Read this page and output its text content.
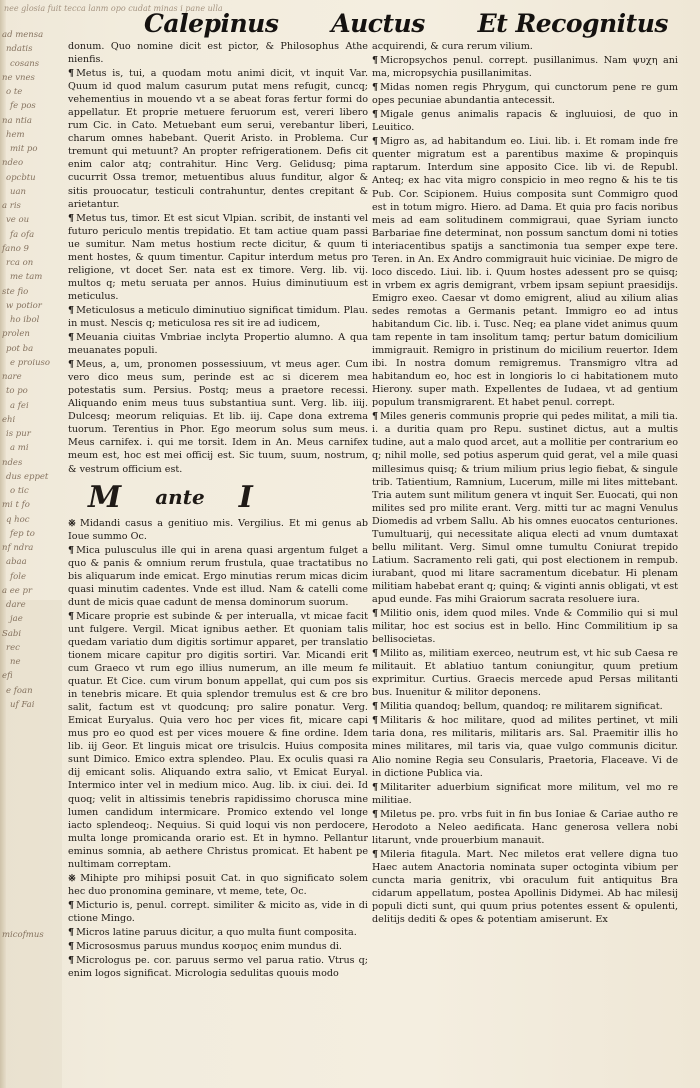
nee glosia fuit tecca lanm opo cudat minas i pane ulla
ad mensa
ndatis
cosans
ne vnes
o te
fe pos
na ntia
hem
mit po
ndeo
opcbtu
uan
a ris
ve ou
fa ofa
fano 9
rca on
me tam
ste fio
w potior
ho ibol
prolen
pot ba
e proiuso
nare
to po
a fei
ehi
is pur
a mi
ndes
dus eppet
o tic
mi t fo
q hoc
fep to
nf ndra
abaa
fole
a ee pr
dare
jae
Sabi
rec
ne
efi
e foan
uf Fai
micofmus
Calepinus Auctus Et Recognitus

donum. Quo nomine dicit est pictor, & Philosophus Athe nienfis.

¶ Metus is, tui, a quodam motu animi dicit, vt inquit Var. Quum id quod malum casurum putat mens refugit, cuncq; vehementius in mouendo vt a se abeat foras fertur formi do appellatur. Et proprie metuere feruorum est, vereri libero rum Cic. in Cato. Metuebant eum serui, verebantur liberi, charum omnes habebant. Querit Aristo. in Problema. Cur tremunt qui metuunt? An propter refrigerationem. Defis cit enim calor atq; contrahitur. Hinc Verg. Gelidusq; pima cucurrit Ossa tremor, metuentibus aluus funditur, algor & sitis prouocatur, testiculi contrahuntur, dentes crepitant & arietantur.

¶ Metus tus, timor. Et est sicut Vlpian. scribit, de instanti vel futuro periculo mentis trepidatio. Et tam actiue quam passi ue sumitur. Nam metus hostium recte dicitur, & quum ti ment hostes, & quum timentur. Capitur interdum metus pro religione, vt docet Ser. nata est ex timore. Verg. lib. vij. multos q; metu seruata per annos. Huius diminutiuum est meticulus.

¶ Meticulosus a meticulo diminutiuo significat timidum. Plau. in must. Nescis q; meticulosa res sit ire ad iudicem,

¶ Meuania ciuitas Vmbriae inclyta Propertio alumno. A qua meuanates populi.

¶ Meus, a, um, pronomen possessiuum, vt meus ager. Cum vero dico meus sum, perinde est ac si dicerem mea potestatis sum. Persius. Postq; meus a praetore recessi. Aliquando enim meus tuus substantiua sunt. Verg. lib. iiij. Dulcesq; meorum reliquias. Et lib. iij. Cape dona extrema tuorum. Terentius in Phor. Ego meorum solus sum meus. Meus carnifex. i. qui me torsit. Idem in An. Meus carnifex meum est, hoc est mei officij est. Sic tuum, suum, nostrum, & vestrum officium est.

M ante I

※ Midandi casus a genitiuo mis. Vergilius. Et mi genus ab Ioue summo Oc.

¶ Mica pulusculus ille qui in arena quasi argentum fulget a quo & panis & omnium rerum frustula, quae tractatibus no bis aliquarum inde emicat. Ergo minutias rerum micas dicim quasi minutim cadentes. Vnde est illud. Nam & catelli come dunt de micis quae cadunt de mensa dominorum suorum.

¶ Micare proprie est subinde & per interualla, vt micae facit unt fulgere. Vergil. Micat ignibus aether. Et quoniam talis quedam variatio dum digitis sortimur apparet, per translatio tionem micare capitur pro digitis sortiri. Var. Micandi erit cum Graeco vt rum ego illius numerum, an ille meum fe quatur. Et Cice. cum virum bonum appellat, qui cum pos sis in tenebris micare. Et quia splendor tremulus est & cre bro salit, factum est vt quodcunq; pro salire ponatur. Verg. Emicat Euryalus. Quia vero hoc per vices fit, micare capi mus pro eo quod est per vices mouere & fine ordine. Idem lib. iij Geor. Et linguis micat ore trisulcis. Huius composita sunt Dimico. Emico extra splendeo. Plau. Ex oculis quasi ra dij emicant solis. Aliquando extra salio, vt Emicat Euryal. Intermico inter vel in medium mico. Aug. lib. ix ciui. dei. Id quoq; velit in altissimis tenebris rapidissimo chorusca mine lumen candidum intermicare. Promico extendo vel longe iacto splendeoq;. Nequius. Si quid loqui vis non perdocere, multa longe promicanda orario est. Et in hymno. Pellantur eminus somnia, ab aethere Christus promicat. Et habent pe nultimam correptam.

※ Mihipte pro mihipsi posuit Cat. in quo significato solem hec duo pronomina geminare, vt meme, tete, Oc.

¶ Micturio is, penul. corrept. similiter & micito as, vide in di ctione Mingo.

¶ Micros latine paruus dicitur, a quo multa fiunt composita.

¶ Micrososmus paruus mundus κοσμος enim mundus di.

¶ Micrologus pe. cor. paruus sermo vel parua ratio. Vtrus q; enim logos significat. Micrologia sedulitas quouis modo

acquirendi, & cura rerum vilium.

¶ Micropsychos penul. corrept. pusillanimus. Nam ψυχη ani ma, micropsychia pusillanimitas.

¶ Midas nomen regis Phrygum, qui cunctorum pene re gum opes pecuniae abundantia antecessit.

¶ Migale genus animalis rapacis & ingluuiosi, de quo in Leuitico.

¶ Migro as, ad habitandum eo. Liui. lib. i. Et romam inde fre quenter migratum est a parentibus maxime & propinquis raptarum. Interdum sine apposito Cice. lib vi. de Republ. Anteq; ex hac vita migro conspicio in meo regno & his te tis Pub. Cor. Scipionem. Huius composita sunt Commigro quod est in totum migro. Hiero. ad Dama. Et quia pro facis noribus meis ad eam solitudinem commigraui, quae Syriam iuncto Barbariae fine determinat, non possum sanctum domi ni toties interiacentibus spatijs a sanctimonia tua semper expe tere. Teren. in An. Ex Andro commigrauit huic viciniae. De migro de loco discedo. Liui. lib. i. Quum hostes adessent pro se quisq; in vrbem ex agris demigrant, vrbem ipsam sepiunt praesidijs. Emigro exeo. Caesar vt domo emigrent, aliud au xilium alias sedes remotas a Germanis petant. Immigro eo ad intus habitandum Cic. lib. i. Tusc. Neq; ea plane videt animus quum tam repente in tam insolitum tamq; pertur batum domicilium immigrauit. Remigro in pristinum do micilium reuertor. Idem ibi. In nostra domum remigremus. Transmigro vltra ad habitandum eo, hoc est in longioris lo ci habitationem muto Hierony. super math. Expellentes de Iudaea, vt ad gentium populum transmigrarent. Et habet penul. corrept.

¶ Miles generis communis proprie qui pedes militat, a mili tia. i. a duritia quam pro Repu. sustinet dictus, aut a multis tudine, aut a malo quod arcet, aut a mollitie per contrarium eo q; nihil molle, sed potius asperum quid gerat, vel a mile quasi millesimus quisq; & trium milium prius legio fiebat, & singule trib. Tatientium, Ramnium, Lucerum, mille mi lites mittebant. Tria autem sunt militum genera vt inquit Ser. Euocati, qui non milites sed pro milite erant. Verg. mitti tur ac magni Venulus Diomedis ad vrbem Sallu. Ab his omnes euocatos centuriones. Tumultuarij, qui necessitate aliqua electi ad vnum dumtaxat bellu militant. Verg. Simul omne tumultu Coniurat trepido Latium. Sacramento reli gati, qui post electionem in rempub. iurabant, quod mi litare sacramentum dicebatur. Hi plenam militiam habebat erant q; quinq; & viginti annis obligati, vt est apud eunde. Fas mihi Graiorum sacrata resoluere iura.

¶ Militio onis, idem quod miles. Vnde & Commilio qui si mul militar, hoc est socius est in bello. Hinc Commilitium ip sa bellisocietas.

¶ Milito as, militiam exerceo, neutrum est, vt hic sub Caesa re militauit. Et ablatiuo tantum coniungitur, quum pretium exprimitur. Curtius. Graecis mercede apud Persas militanti bus. Inuenitur & militor deponens.

¶ Militia quandoq; bellum, quandoq; re militarem significat.

¶ Militaris & hoc militare, quod ad milites pertinet, vt mili taria dona, res militaris, militaris ars. Sal. Praemitir illis ho mines militares, mil taris via, quae vulgo communis dicitur. Alio nomine Regia seu Consularis, Praetoria, Flaceave. Vi de in dictione Publica via.

¶ Militariter aduerbium significat more militum, vel mo re militiae.

¶ Miletus pe. pro. vrbs fuit in fin bus Ioniae & Cariae autho re Herodoto a Neleo aedificata. Hanc generosa vellera nobi litarunt, vnde prouerbium manauit.

¶ Mileria fitagula. Mart. Nec miletos erat vellere digna tuo Haec autem Anactoria nominata super octoginta vibium per cuncta maria genitrix, vbi oraculum fuit antiquitus Bra cidarum appellatum, postea Apollinis Didymei. Ab hac milesij populi dicti sunt, qui quum prius potentes essent & opulenti, delitijs dediti & opes & potentiam amiserunt. Ex
